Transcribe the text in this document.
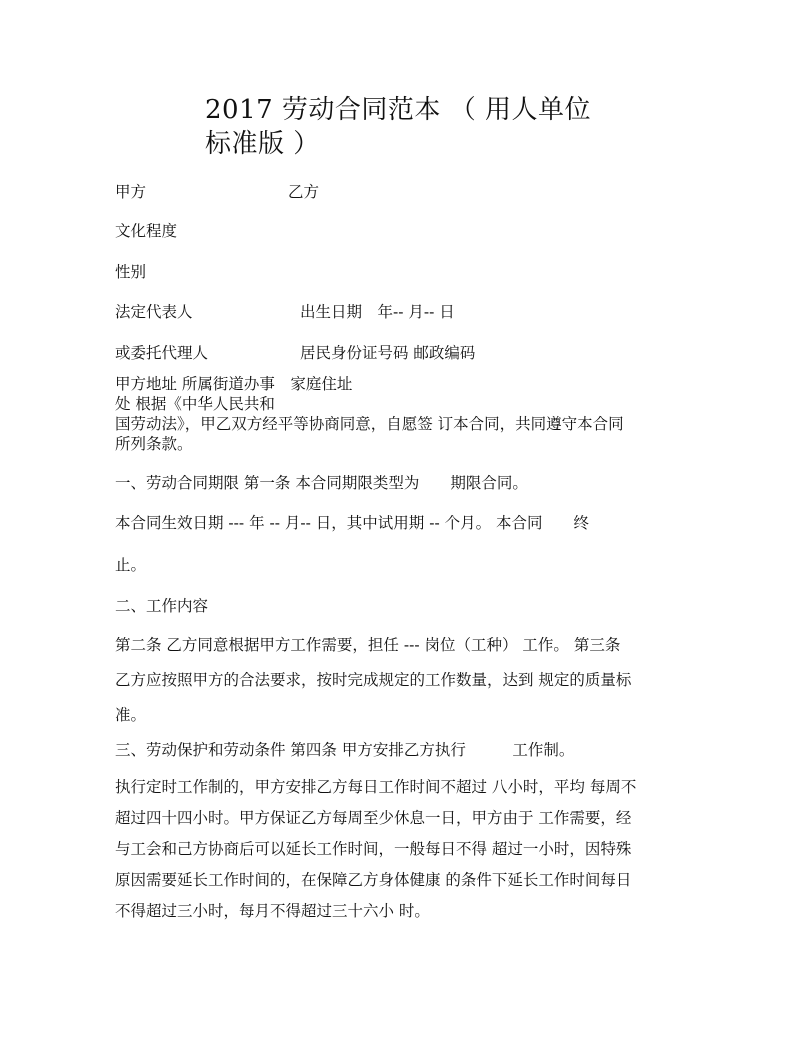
2017 劳动合同范本 （ 用人单位
标准版 ）
甲方	乙方
文化程度
性别
法定代表人	出生日期　年-- 月-- 日
或委托代理人	居民身份证号码 邮政编码
甲方地址 所属街道办事　家庭住址
处 根据《中华人民共和
国劳动法》，甲乙双方经平等协商同意，自愿签 订本合同，共同遵守本合同
所列条款。
一、劳动合同期限 第一条 本合同期限类型为　　期限合同。
本合同生效日期 --- 年 -- 月-- 日，其中试用期 -- 个月。 本合同　　终
止。
二、工作内容
第二条 乙方同意根据甲方工作需要，担任 --- 岗位（工种） 工作。 第三条
乙方应按照甲方的合法要求，按时完成规定的工作数量，达到 规定的质量标
准。
三、劳动保护和劳动条件 第四条 甲方安排乙方执行　　　工作制。
执行定时工作制的，甲方安排乙方每日工作时间不超过 八小时，平均 每周不
超过四十四小时。甲方保证乙方每周至少休息一日，甲方由于 工作需要，经
与工会和己方协商后可以延长工作时间，一般每日不得 超过一小时，因特殊
原因需要延长工作时间的，在保障乙方身体健康 的条件下延长工作时间每日
不得超过三小时，每月不得超过三十六小 时。
